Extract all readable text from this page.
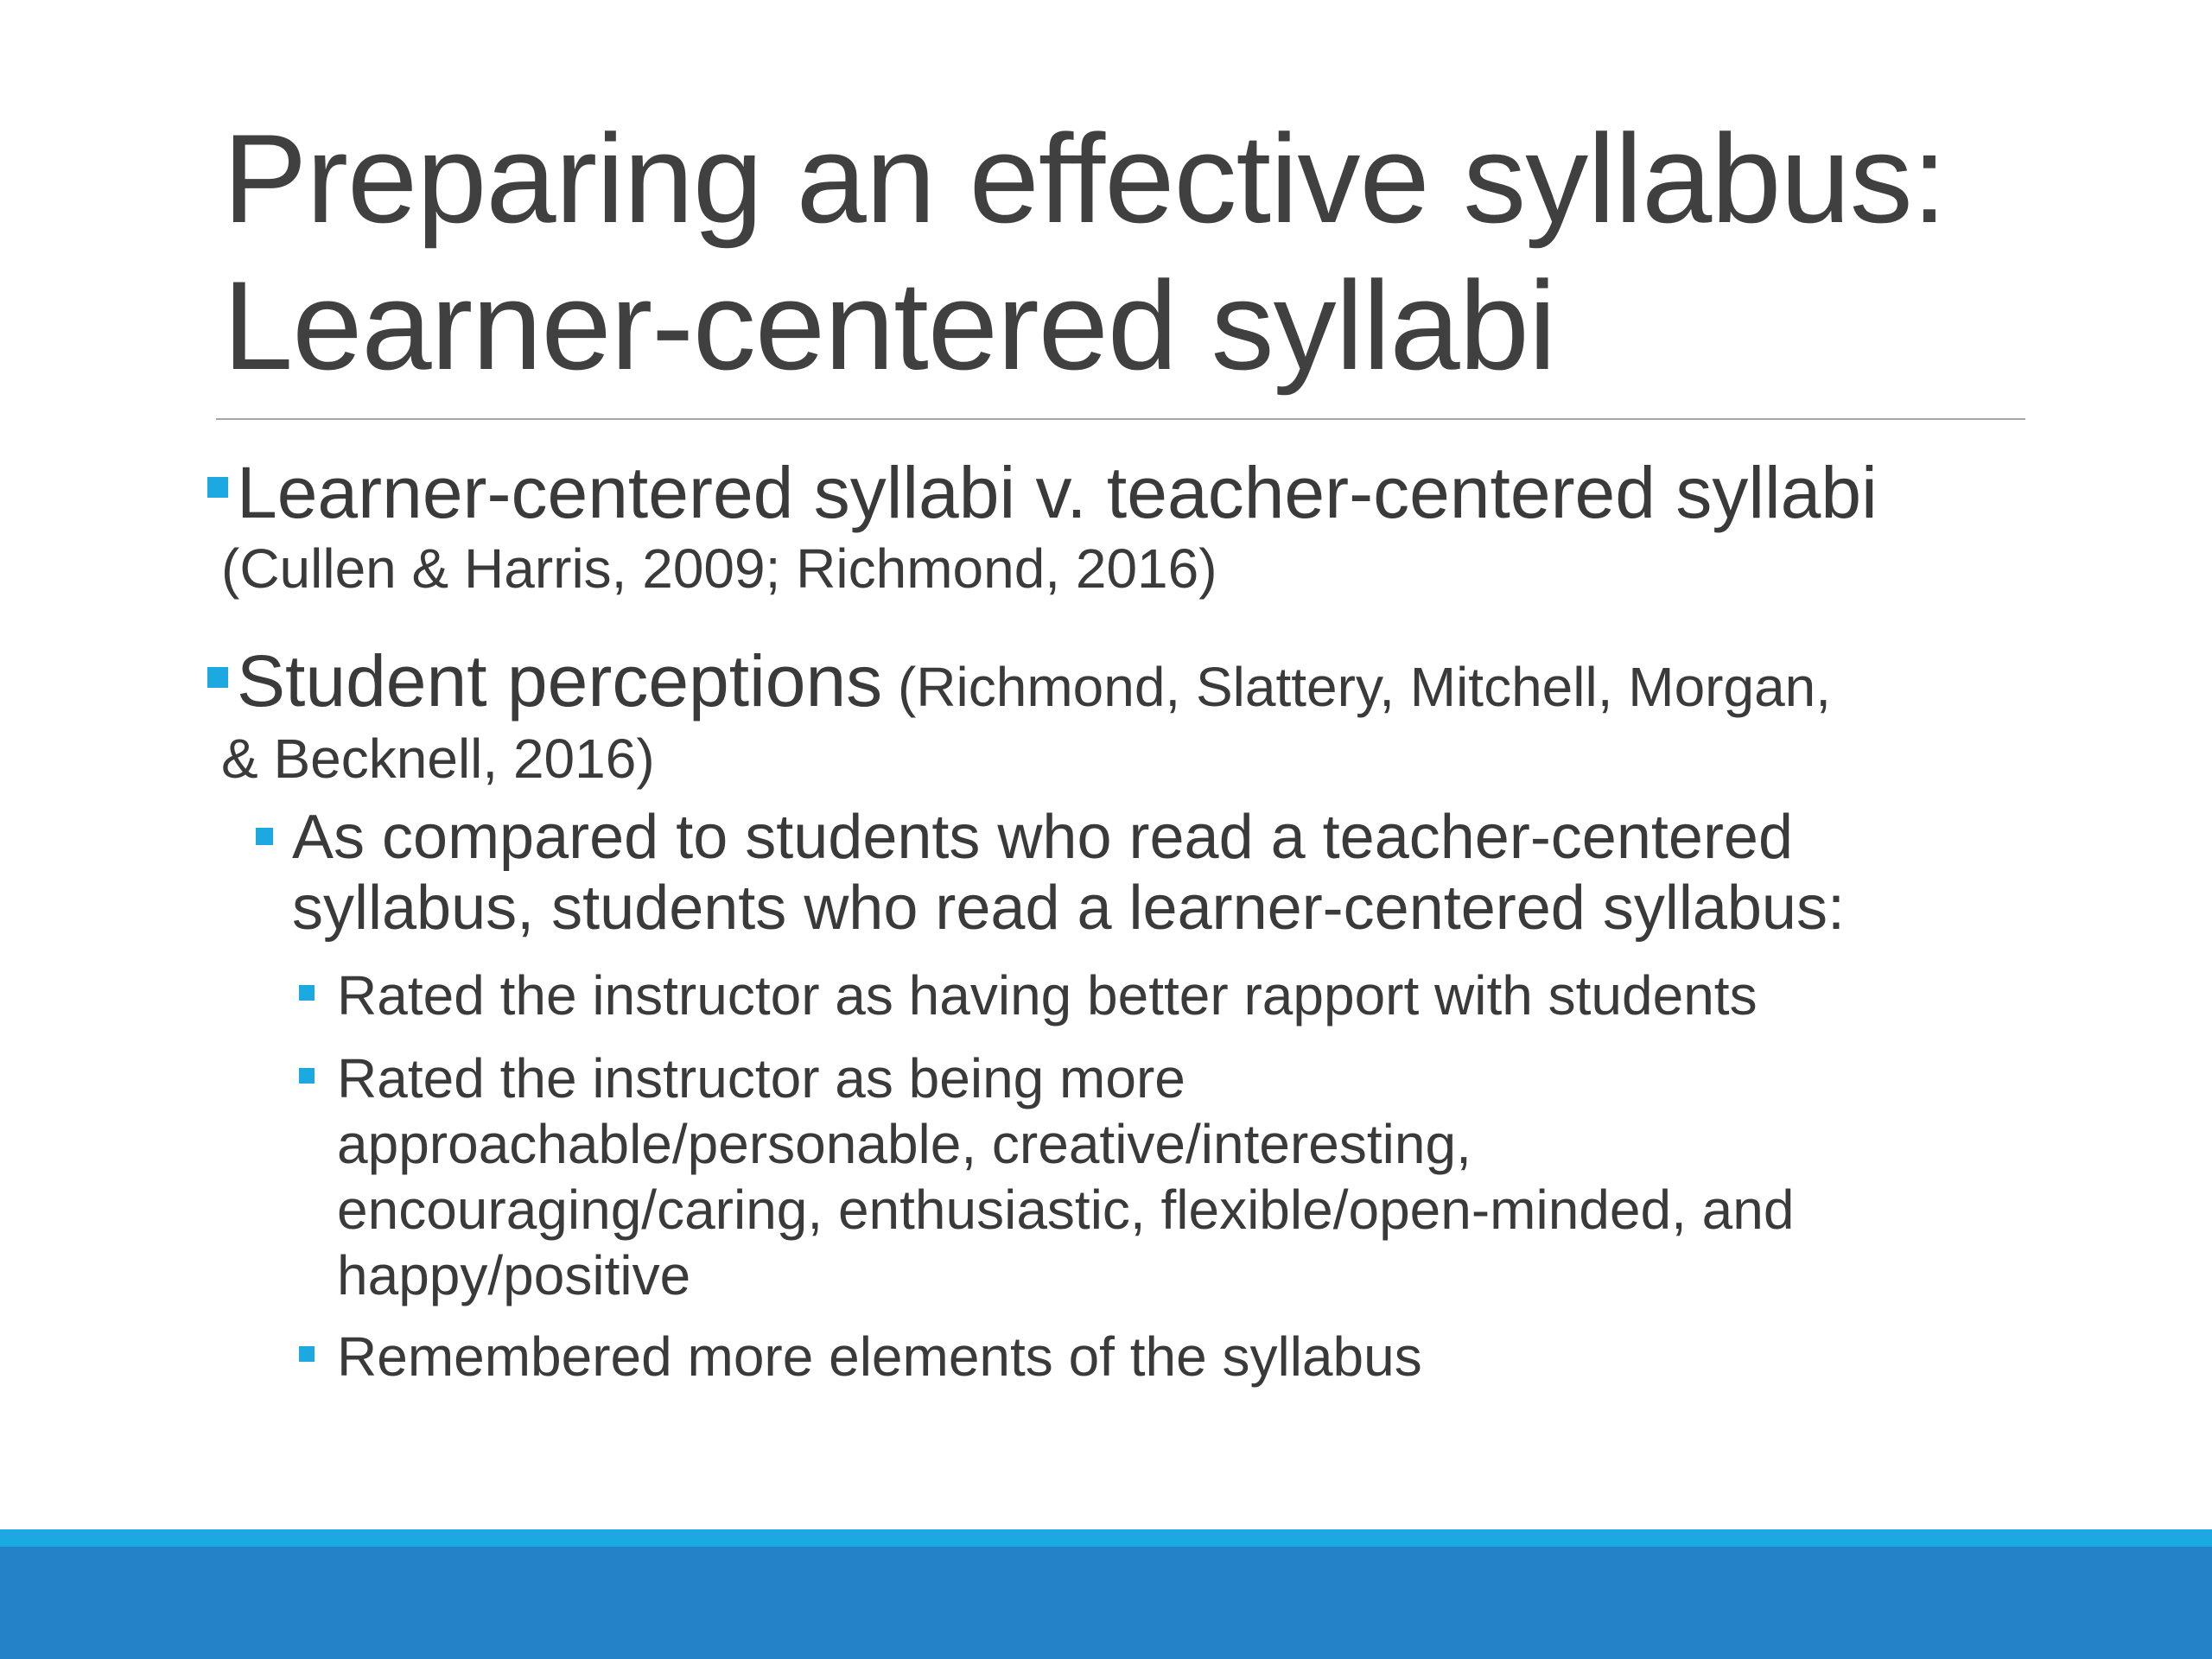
Preparing an effective syllabus:
Learner-centered syllabi
Learner-centered syllabi v. teacher-centered syllabi
(Cullen & Harris, 2009; Richmond, 2016)
Student perceptions (Richmond, Slattery, Mitchell, Morgan,
& Becknell, 2016)
As compared to students who read a teacher-centered
syllabus, students who read a learner-centered syllabus:
Rated the instructor as having better rapport with students
Rated the instructor as being more
approachable/personable, creative/interesting,
encouraging/caring, enthusiastic, flexible/open-minded, and
happy/positive
Remembered more elements of the syllabus
